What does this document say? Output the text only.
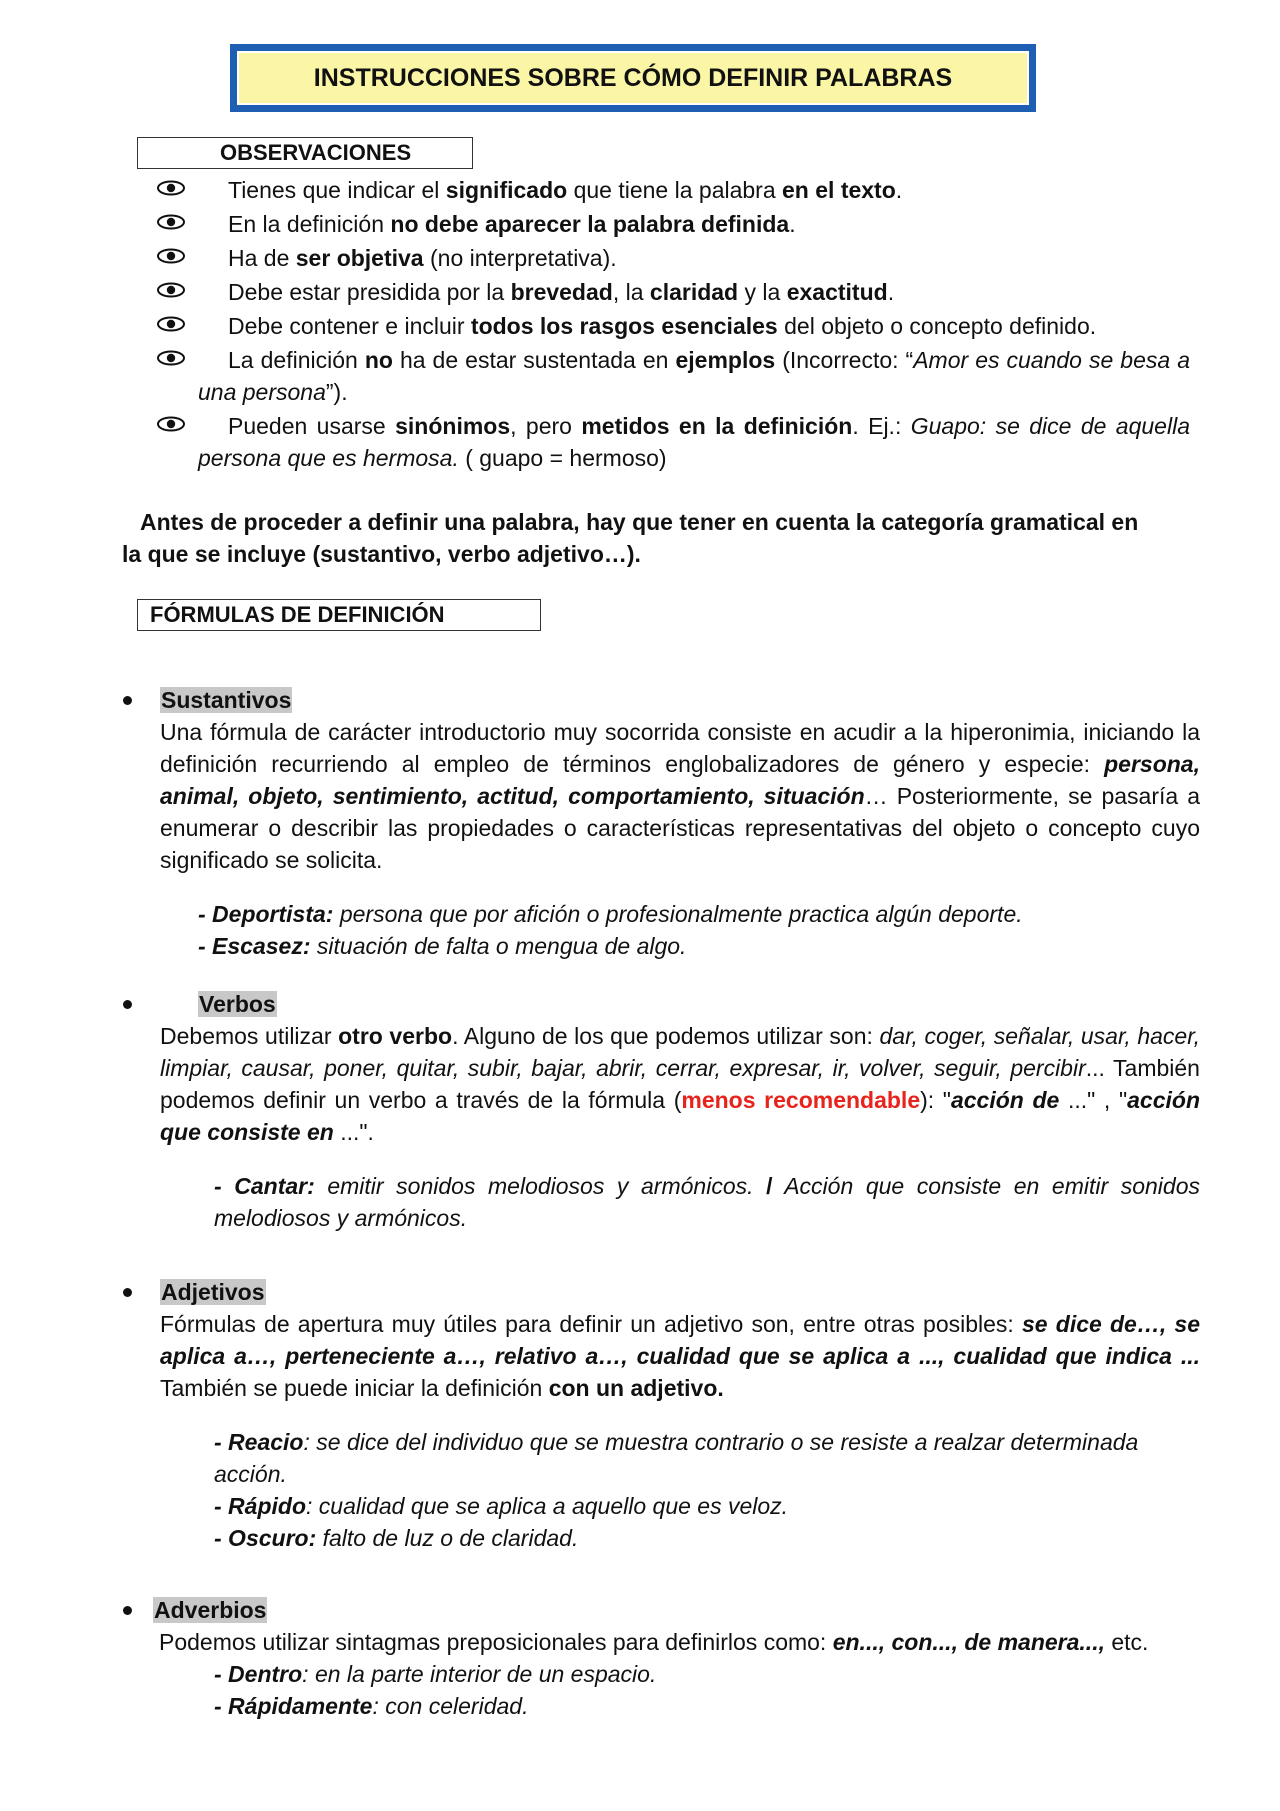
INSTRUCCIONES SOBRE CÓMO DEFINIR PALABRAS
OBSERVACIONES
Tienes que indicar el significado que tiene la palabra en el texto.
En la definición no debe aparecer la palabra definida.
Ha de ser objetiva (no interpretativa).
Debe estar presidida por la brevedad, la claridad y la exactitud.
Debe contener e incluir todos los rasgos esenciales del objeto o concepto definido.
La definición no ha de estar sustentada en ejemplos (Incorrecto: “Amor es cuando se besa a una persona”).
Pueden usarse sinónimos, pero metidos en la definición. Ej.: Guapo: se dice de aquella persona que es hermosa. ( guapo = hermoso)
Antes de proceder a definir una palabra, hay que tener en cuenta la categoría gramatical en la que se incluye (sustantivo, verbo adjetivo…).
FÓRMULAS DE DEFINICIÓN
Sustantivos
Una fórmula de carácter introductorio muy socorrida consiste en acudir a la hiperonimia, iniciando la definición recurriendo al empleo de términos englobalizadores de género y especie: persona, animal, objeto, sentimiento, actitud, comportamiento, situación… Posteriormente, se pasaría a enumerar o describir las propiedades o características representativas del objeto o concepto cuyo significado se solicita.
- Deportista: persona que por afición o profesionalmente practica algún deporte.
- Escasez: situación de falta o mengua de algo.
Verbos
Debemos utilizar otro verbo. Alguno de los que podemos utilizar son: dar, coger, señalar, usar, hacer, limpiar, causar, poner, quitar, subir, bajar, abrir, cerrar, expresar, ir, volver, seguir, percibir... También podemos definir un verbo a través de la fórmula (menos recomendable): "acción de ..." , "acción que consiste en ...".
- Cantar: emitir sonidos melodiosos y armónicos. / Acción que consiste en emitir sonidos melodiosos y armónicos.
Adjetivos
Fórmulas de apertura muy útiles para definir un adjetivo son, entre otras posibles: se dice de…, se aplica a…, perteneciente a…, relativo a…, cualidad que se aplica a ..., cualidad que indica ... También se puede iniciar la definición con un adjetivo.
- Reacio: se dice del individuo que se muestra contrario o se resiste a realzar determinada acción.
- Rápido: cualidad que se aplica a aquello que es veloz.
- Oscuro: falto de luz o de claridad.
Adverbios
Podemos utilizar sintagmas preposicionales para definirlos como: en..., con..., de manera..., etc.
- Dentro: en la parte interior de un espacio.
- Rápidamente: con celeridad.
